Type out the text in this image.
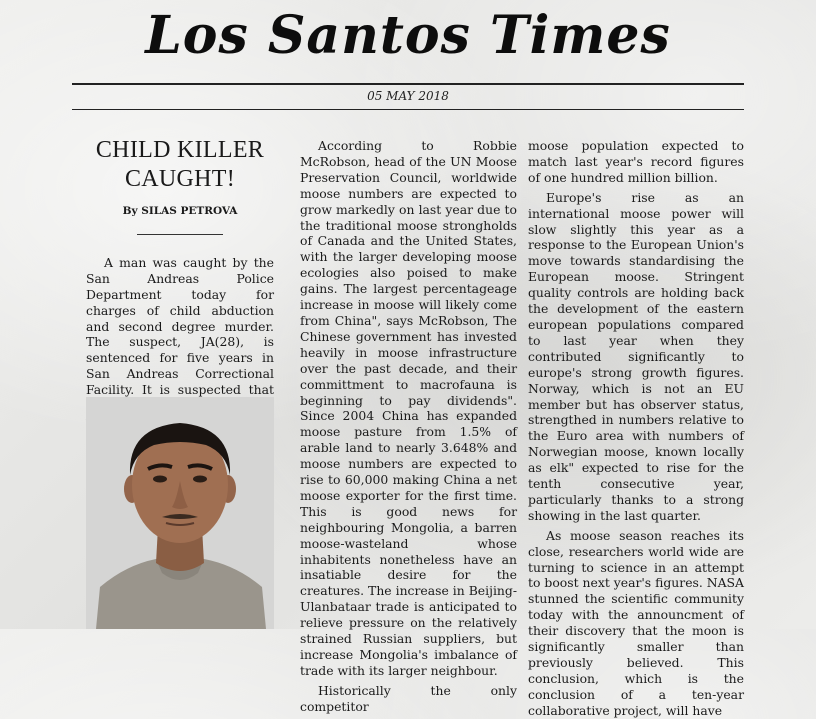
Los Santos Times
05 MAY 2018
CHILD KILLER CAUGHT!
By SILAS PETROVA

A man was caught by the San Andreas Police Department today for charges of child abduction and second degree murder. The suspect, JA(28), is sentenced for five years in San Andreas Correctional Facility. It is suspected that

According to Robbie McRobson, head of the UN Moose Preservation Council, worldwide moose numbers are expected to grow markedly on last year due to the traditional moose strongholds of Canada and the United States, with the larger developing moose ecologies also poised to make gains. The largest percentageage increase in moose will likely come from China", says McRobson, The Chinese government has invested heavily in moose infrastructure over the past decade, and their committment to macrofauna is beginning to pay dividends". Since 2004 China has expanded moose pasture from 1.5% of arable land to nearly 3.648% and moose numbers are expected to rise to 60,000 making China a net moose exporter for the first time. This is good news for neighbouring Mongolia, a barren moose-wasteland whose inhabitents nonetheless have an insatiable desire for the creatures. The increase in Beijing-Ulanbataar trade is anticipated to relieve pressure on the relatively strained Russian suppliers, but increase Mongolia's imbalance of trade with its larger neighbour.

Historically the only competitor

moose population expected to match last year's record figures of one hundred million billion.

Europe's rise as an international moose power will slow slightly this year as a response to the European Union's move towards standardising the European moose. Stringent quality controls are holding back the development of the eastern european populations compared to last year when they contributed significantly to europe's strong growth figures. Norway, which is not an EU member but has observer status, strengthed in numbers relative to the Euro area with numbers of Norwegian moose, known locally as elk" expected to rise for the tenth consecutive year, particularly thanks to a strong showing in the last quarter.

As moose season reaches its close, researchers world wide are turning to science in an attempt to boost next year's figures. NASA stunned the scientific community today with the announcment of their discovery that the moon is significantly smaller than previously believed. This conclusion, which is the conclusion of a ten-year collaborative project, will have
